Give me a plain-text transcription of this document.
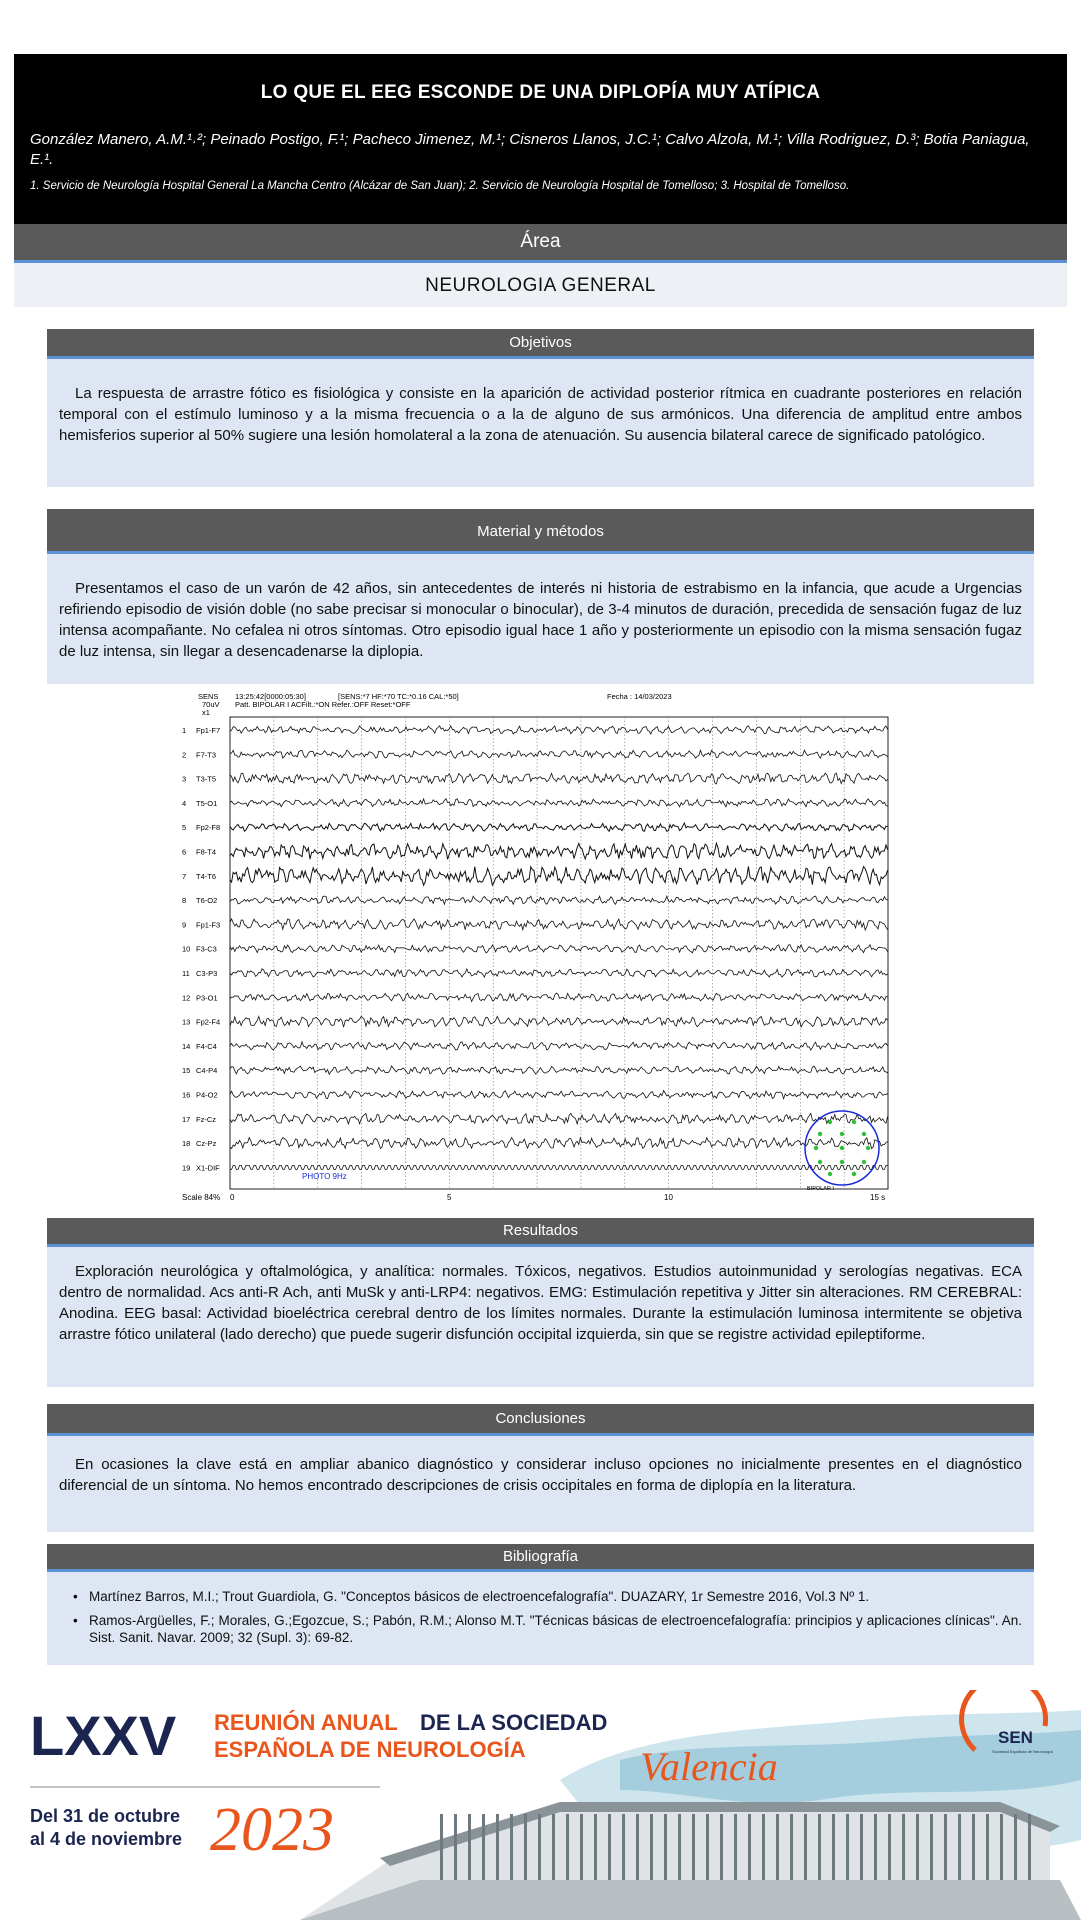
LO QUE EL EEG ESCONDE DE UNA DIPLOPÍA MUY ATÍPICA
González Manero, A.M.¹˒²; Peinado Postigo, F.¹; Pacheco Jimenez, M.¹; Cisneros Llanos, J.C.¹; Calvo Alzola, M.¹; Villa Rodriguez, D.³; Botia Paniagua, E.¹.
1. Servicio de Neurología Hospital General La Mancha Centro (Alcázar de San Juan); 2. Servicio de Neurología Hospital de Tomelloso; 3. Hospital de Tomelloso.
Área
NEUROLOGIA GENERAL
Objetivos

La respuesta de arrastre fótico es fisiológica y consiste en la aparición de actividad posterior rítmica en cuadrante posteriores en relación temporal con el estímulo luminoso y a la misma frecuencia o a la de alguno de sus armónicos. Una diferencia de amplitud entre ambos hemisferios superior al 50% sugiere una lesión homolateral a la zona de atenuación. Su ausencia bilateral carece de significado patológico.

Material y métodos

Presentamos el caso de un varón de 42 años, sin antecedentes de interés ni historia de estrabismo en la infancia, que acude a Urgencias refiriendo episodio de visión doble (no sabe precisar si monocular o binocular), de 3-4 minutos de duración, precedida de sensación fugaz de luz intensa acompañante. No cefalea ni otros síntomas. Otro episodio igual hace 1 año y posteriormente un episodio con la misma sensación fugaz de luz intensa, sin llegar a desencadenarse la diplopia.

SENS
70uV
x1
13:25:42[0000:05:30]	[SENS:*7 HF:*70 TC:*0.16 CAL:*50]
Patt. BIPOLAR I ACFilt.:*ON Refer.:OFF Reset:*OFF
Fecha : 14/03/2023
1 Fp1-F7
2 F7-T3
3 T3-T5
4 T5-O1
5 Fp2-F8
6 F8-T4
7 T4-T6
8 T6-O2
9 Fp1-F3
10 F3-C3
11 C3-P3
12 P3-O1
13 Fp2-F4
14 F4-C4
15 C4-P4
16 P4-O2
17 Fz-Cz
18 Cz-Pz
19 X1-DIF
PHOTO 9Hz
Scale 84% 0	5	10	15 s
BIPOLAR I
Resultados

Exploración neurológica y oftalmológica, y analítica: normales. Tóxicos, negativos. Estudios autoinmunidad y serologías negativas. ECA dentro de normalidad. Acs anti-R Ach, anti MuSk y anti-LRP4: negativos. EMG: Estimulación repetitiva y Jitter sin alteraciones. RM CEREBRAL: Anodina. EEG basal: Actividad bioeléctrica cerebral dentro de los límites normales. Durante la estimulación luminosa intermitente se objetiva arrastre fótico unilateral (lado derecho) que puede sugerir disfunción occipital izquierda, sin que se registre actividad epileptiforme.

Conclusiones

En ocasiones la clave está en ampliar abanico diagnóstico y considerar incluso opciones no inicialmente presentes en el diagnóstico diferencial de un síntoma. No hemos encontrado descripciones de crisis occipitales en forma de diplopía en la literatura.

Bibliografía
• Martínez Barros, M.I.; Trout Guardiola, G. "Conceptos básicos de electroencefalografía". DUAZARY, 1r Semestre 2016, Vol.3 Nº 1.
• Ramos-Argüelles, F.; Morales, G.;Egozcue, S.; Pabón, R.M.; Alonso M.T. "Técnicas básicas de electroencefalografía: principios y aplicaciones clínicas". An. Sist. Sanit. Navar. 2009; 32 (Supl. 3): 69-82.
LXXV REUNIÓN ANUAL DE LA SOCIEDAD
ESPAÑOLA DE NEUROLOGÍA
Del 31 de octubre
al 4 de noviembre 2023
Valencia
SEN
Sociedad Española de Neurología
